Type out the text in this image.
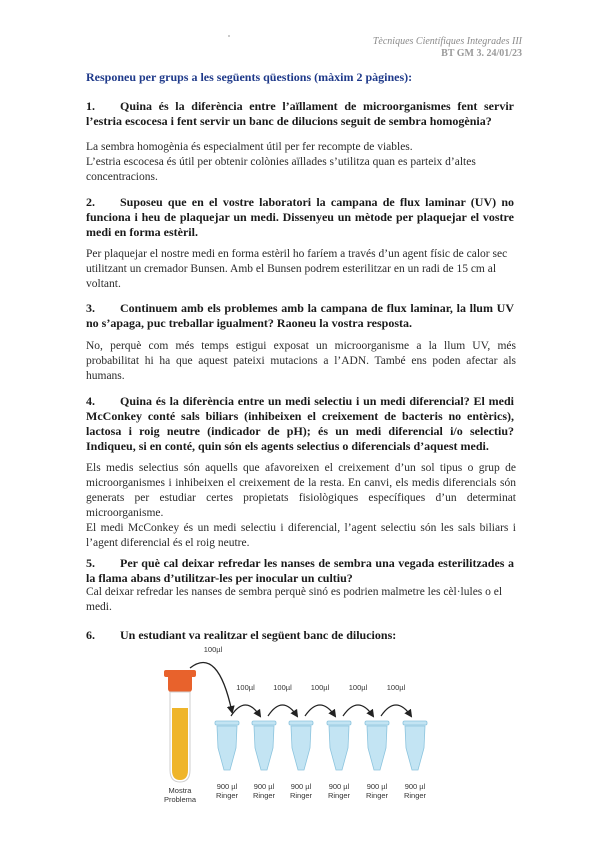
Tècniques Científiques Integrades III
BT GM 3. 24/01/23
Responeu per grups a les següents qüestions (màxim 2 pàgines):
1. Quina és la diferència entre l’aïllament de microorganismes fent servir l’estria escocesa i fent servir un banc de dilucions seguit de sembra homogènia?

La sembra homogènia és especialment útil per fer recompte de viables.

L’estria escocesa és útil per obtenir colònies aïllades s’utilitza quan es parteix d’altes concentracions.

2. Suposeu que en el vostre laboratori la campana de flux laminar (UV) no funciona i heu de plaquejar un medi. Dissenyeu un mètode per plaquejar el vostre medi en forma estèril.

Per plaquejar el nostre medi en forma estèril ho faríem a través d’un agent físic de calor sec utilitzant un cremador Bunsen. Amb el Bunsen podrem esterilitzar en un radi de 15 cm al voltant.

3. Continuem amb els problemes amb la campana de flux laminar, la llum UV no s’apaga, puc treballar igualment? Raoneu la vostra resposta.

No, perquè com més temps estigui exposat un microorganisme a la llum UV, més probabilitat hi ha que aquest pateixi mutacions a l’ADN. També ens poden afectar als humans.

4. Quina és la diferència entre un medi selectiu i un medi diferencial? El medi McConkey conté sals biliars (inhibeixen el creixement de bacteris no entèrics), lactosa i roig neutre (indicador de pH); és un medi diferencial i/o selectiu? Indiqueu, si en conté, quin són els agents selectius o diferencials d’aquest medi.

Els medis selectius són aquells que afavoreixen el creixement d’un sol tipus o grup de microorganismes i inhibeixen el creixement de la resta. En canvi, els medis diferencials són generats per estudiar certes propietats fisiològiques específiques d’un determinat microorganisme.

El medi McConkey és un medi selectiu i diferencial, l’agent selectiu són les sals biliars i l’agent diferencial és el roig neutre.

5. Per què cal deixar refredar les nanses de sembra una vegada esterilitzades a la flama abans d’utilitzar-les per inocular un cultiu?

Cal deixar refredar les nanses de sembra perquè sinó es podrien malmetre les cèl·lules o el medi.

6. Un estudiant va realitzar el següent banc de dilucions:
Mostra
Problema
100µl
900 µl
Ringer
900 µl
Ringer
900 µl
Ringer
900 µl
Ringer
900 µl
Ringer
900 µl
Ringer
100µl 100µl	100µl	100µl	100µl
